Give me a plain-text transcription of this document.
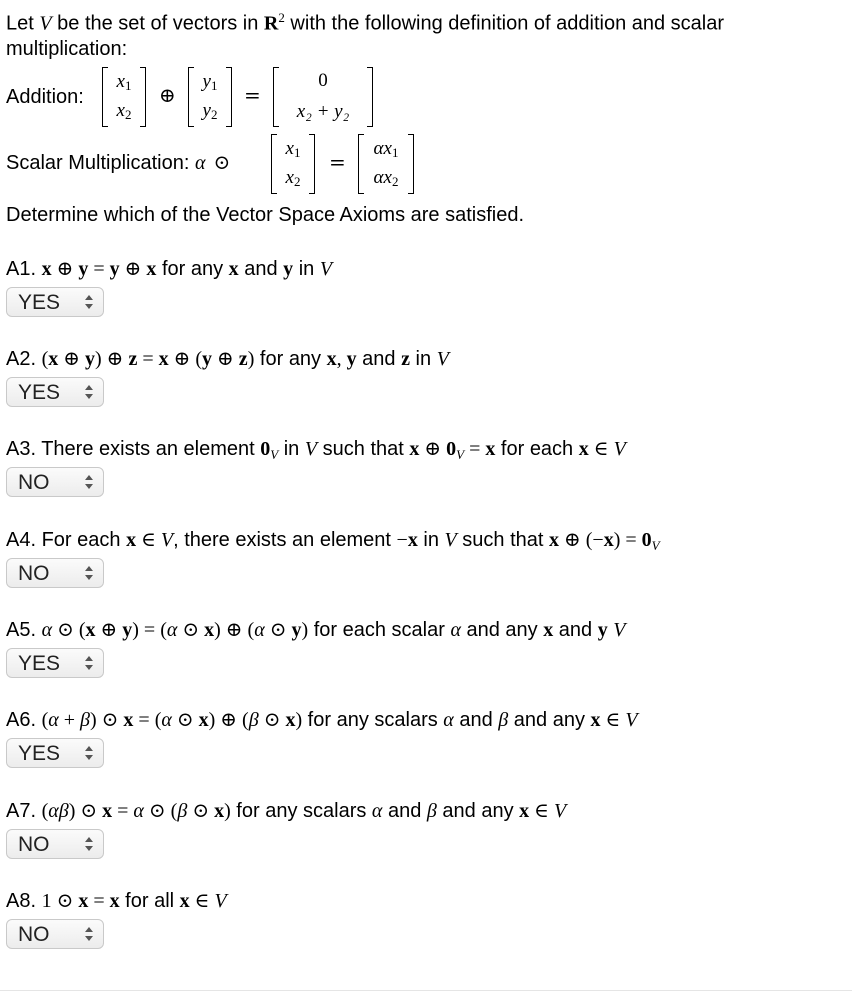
Let V be the set of vectors in $R^2$ with the following definition of addition and scalar
multiplication:
Addition:
$x_1$
$x_2$
⊕
$y_1$
$y_2$
=
0
x₂ + y₂
Scalar Multiplication: α ⊙
$x_1$
$x_2$
=
$\alpha x_1$
$\alpha x_2$
Determine which of the Vector Space Axioms are satisfied.
A1. x ⊕ y = y ⊕ x for any x and y in V
A2. (x ⊕ y) ⊕ z = x ⊕ (y ⊕ z) for any x, y and z in V
A3. There exists an element $0_V$ in V such that x ⊕ $0_V = x$ for each x ∈ V
A4. For each x ∈ V, there exists an element −x in V such that x ⊕ $(-x) = 0_V$
A5. α ⊙ (x ⊕ y) = (α ⊙ x) ⊕ (α ⊙ y) for each scalar α and any x and y V
A6. (α + β) ⊙ x = (α ⊙ x) ⊕ (β ⊙ x) for any scalars α and β and any x ∈ V
A7. (αβ) ⊙ x = α ⊙ (β ⊙ x) for any scalars α and β and any x ∈ V
A8. 1 ⊙ x = x for all x ∈ V
YES
YES
NO
NO
YES
YES
NO
NO
